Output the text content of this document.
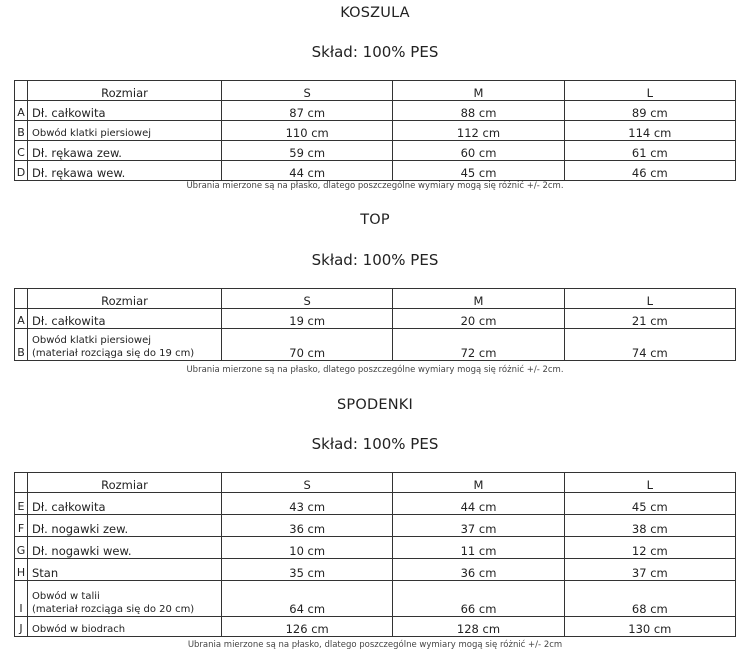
KOSZULA
Skład: 100% PES
	Rozmiar	S	M	L
A	Dł. całkowita	87 cm	88 cm	89 cm
B	Obwód klatki piersiowej	110 cm	112 cm	114 cm
C	Dł. rękawa zew.	59 cm	60 cm	61 cm
D	Dł. rękawa wew.	44 cm	45 cm	46 cm
Ubrania mierzone są na płasko, dlatego poszczególne wymiary mogą się różnić +/- 2cm.
TOP
Skład: 100% PES
	Rozmiar	S	M	L
A	Dł. całkowita	19 cm	20 cm	21 cm
B	Obwód klatki piersiowej
(materiał rozciąga się do 19 cm)	70 cm	72 cm	74 cm
Ubrania mierzone są na płasko, dlatego poszczególne wymiary mogą się różnić +/- 2cm.
SPODENKI
Skład: 100% PES
	Rozmiar	S	M	L
E	Dł. całkowita	43 cm	44 cm	45 cm
F	Dł. nogawki zew.	36 cm	37 cm	38 cm
G	Dł. nogawki wew.	10 cm	11 cm	12 cm
H	Stan	35 cm	36 cm	37 cm
I	Obwód w talii
(materiał rozciąga się do 20 cm)	64 cm	66 cm	68 cm
J	Obwód w biodrach	126 cm	128 cm	130 cm
Ubrania mierzone są na płasko, dlatego poszczególne wymiary mogą się różnić +/- 2cm
